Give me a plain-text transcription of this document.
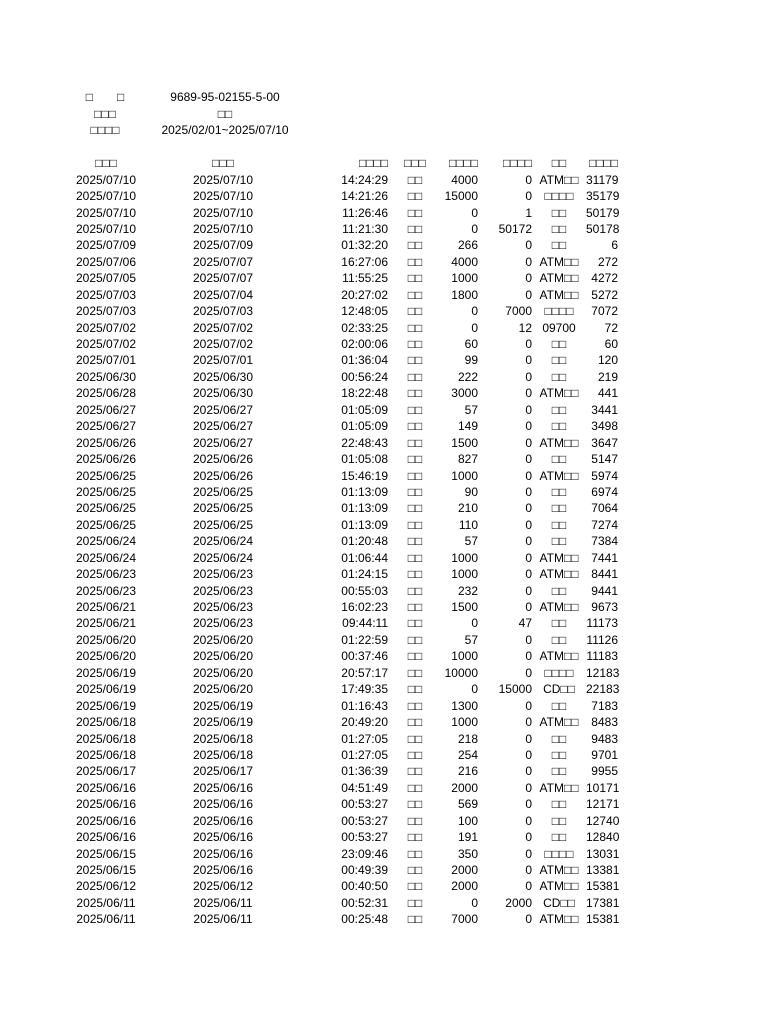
□　　□	9689-95-02155-5-00
□□□	□□
□□□□	2025/02/01~2025/07/10
□□□	□□□	□□□□	□□□	□□□□	□□□□	□□	□□□□
2025/07/10	2025/07/10	14:24:29	□□	4000	0	ATM□□	31179
2025/07/10	2025/07/10	14:21:26	□□	15000	0	□□□□	35179
2025/07/10	2025/07/10	11:26:46	□□	0	1	□□	50179
2025/07/10	2025/07/10	11:21:30	□□	0	50172	□□	50178
2025/07/09	2025/07/09	01:32:20	□□	266	0	□□	6
2025/07/06	2025/07/07	16:27:06	□□	4000	0	ATM□□	272
2025/07/05	2025/07/07	11:55:25	□□	1000	0	ATM□□	4272
2025/07/03	2025/07/04	20:27:02	□□	1800	0	ATM□□	5272
2025/07/03	2025/07/03	12:48:05	□□	0	7000	□□□□	7072
2025/07/02	2025/07/02	02:33:25	□□	0	12	09700	72
2025/07/02	2025/07/02	02:00:06	□□	60	0	□□	60
2025/07/01	2025/07/01	01:36:04	□□	99	0	□□	120
2025/06/30	2025/06/30	00:56:24	□□	222	0	□□	219
2025/06/28	2025/06/30	18:22:48	□□	3000	0	ATM□□	441
2025/06/27	2025/06/27	01:05:09	□□	57	0	□□	3441
2025/06/27	2025/06/27	01:05:09	□□	149	0	□□	3498
2025/06/26	2025/06/27	22:48:43	□□	1500	0	ATM□□	3647
2025/06/26	2025/06/26	01:05:08	□□	827	0	□□	5147
2025/06/25	2025/06/26	15:46:19	□□	1000	0	ATM□□	5974
2025/06/25	2025/06/25	01:13:09	□□	90	0	□□	6974
2025/06/25	2025/06/25	01:13:09	□□	210	0	□□	7064
2025/06/25	2025/06/25	01:13:09	□□	110	0	□□	7274
2025/06/24	2025/06/24	01:20:48	□□	57	0	□□	7384
2025/06/24	2025/06/24	01:06:44	□□	1000	0	ATM□□	7441
2025/06/23	2025/06/23	01:24:15	□□	1000	0	ATM□□	8441
2025/06/23	2025/06/23	00:55:03	□□	232	0	□□	9441
2025/06/21	2025/06/23	16:02:23	□□	1500	0	ATM□□	9673
2025/06/21	2025/06/23	09:44:11	□□	0	47	□□	11173
2025/06/20	2025/06/20	01:22:59	□□	57	0	□□	11126
2025/06/20	2025/06/20	00:37:46	□□	1000	0	ATM□□	11183
2025/06/19	2025/06/20	20:57:17	□□	10000	0	□□□□	12183
2025/06/19	2025/06/20	17:49:35	□□	0	15000	CD□□	22183
2025/06/19	2025/06/19	01:16:43	□□	1300	0	□□	7183
2025/06/18	2025/06/19	20:49:20	□□	1000	0	ATM□□	8483
2025/06/18	2025/06/18	01:27:05	□□	218	0	□□	9483
2025/06/18	2025/06/18	01:27:05	□□	254	0	□□	9701
2025/06/17	2025/06/17	01:36:39	□□	216	0	□□	9955
2025/06/16	2025/06/16	04:51:49	□□	2000	0	ATM□□	10171
2025/06/16	2025/06/16	00:53:27	□□	569	0	□□	12171
2025/06/16	2025/06/16	00:53:27	□□	100	0	□□	12740
2025/06/16	2025/06/16	00:53:27	□□	191	0	□□	12840
2025/06/15	2025/06/16	23:09:46	□□	350	0	□□□□	13031
2025/06/15	2025/06/16	00:49:39	□□	2000	0	ATM□□	13381
2025/06/12	2025/06/12	00:40:50	□□	2000	0	ATM□□	15381
2025/06/11	2025/06/11	00:52:31	□□	0	2000	CD□□	17381
2025/06/11	2025/06/11	00:25:48	□□	7000	0	ATM□□	15381
